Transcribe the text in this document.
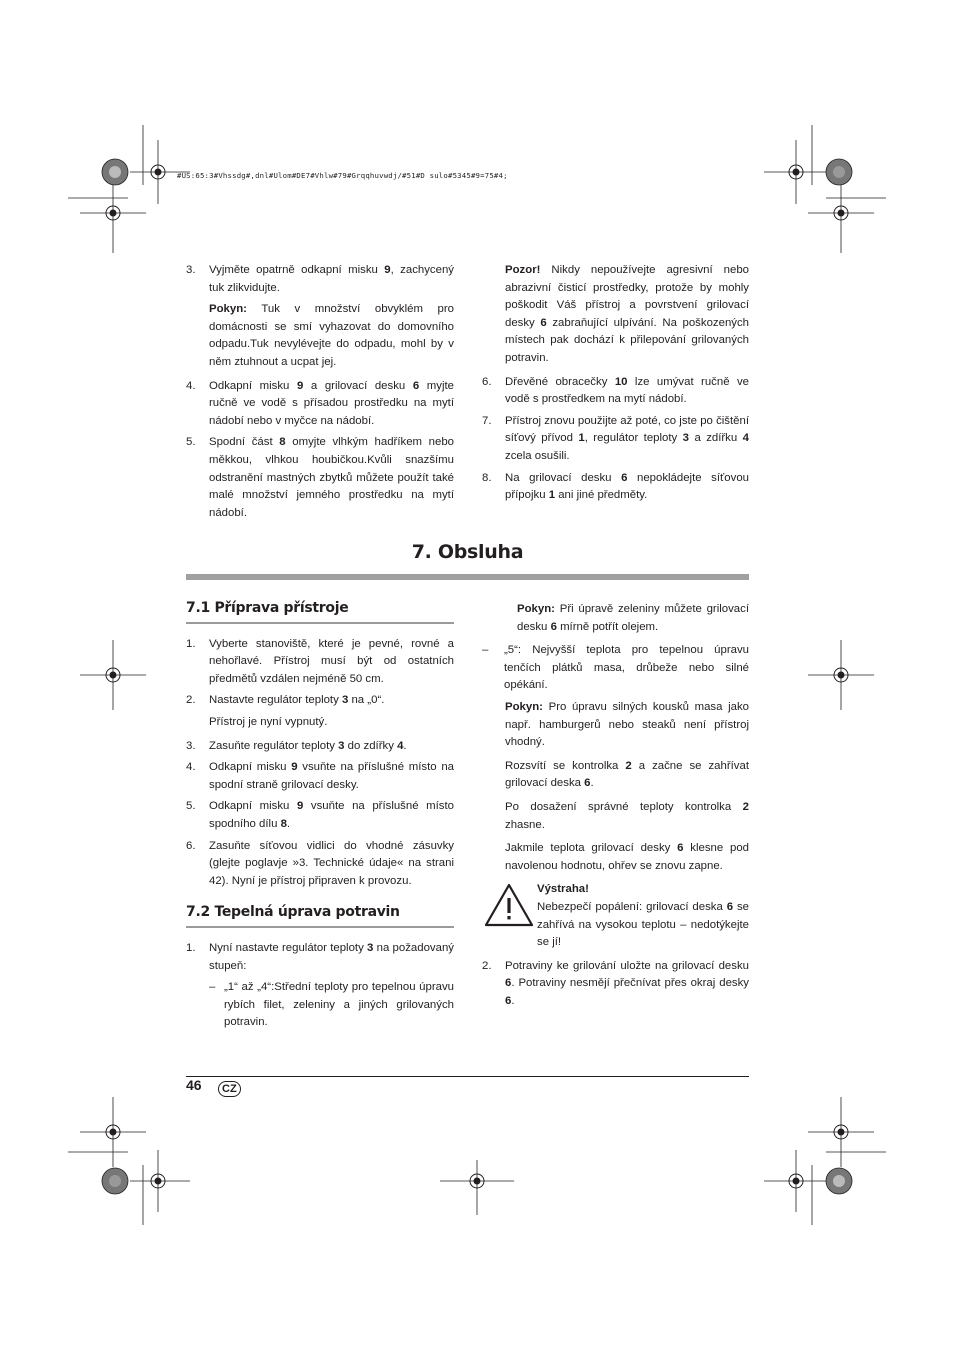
#US:65:3#Vhssdg#,dnl#Ulom#DE7#Vhlw#79#Grqqhuvwdj/#51#D sulo#5345#9=75#4;
3. Vyjměte opatrně odkapní misku 9, zachycený tuk zlikvidujte.
Pokyn: Tuk v množství obvyklém pro domácnosti se smí vyhazovat do domovního odpadu.Tuk nevylévejte do odpadu, mohl by v něm ztuhnout a ucpat jej.
4. Odkapní misku 9 a grilovací desku 6 myjte ručně ve vodě s přísadou prostředku na mytí nádobí nebo v myčce na nádobí.
5. Spodní část 8 omyjte vlhkým hadříkem nebo měkkou, vlhkou houbičkou.Kvůli snazšímu odstranění mastných zbytků můžete použít také malé množství jemného prostředku na mytí nádobí.
Pozor! Nikdy nepoužívejte agresivní nebo abrazivní čisticí prostředky, protože by mohly poškodit Váš přístroj a povrstvení grilovací desky 6 zabraňující ulpívání. Na poškozených místech pak dochází k přilepování grilovaných potravin.
6. Dřevěné obracečky 10 lze umývat ručně ve vodě s prostředkem na mytí nádobí.
7. Přístroj znovu použijte až poté, co jste po čištění síťový přívod 1, regulátor teploty 3 a zdířku 4 zcela osušili.
8. Na grilovací desku 6 nepokládejte síťovou přípojku 1 ani jiné předměty.
7. Obsluha
7.1 Příprava přístroje
1. Vyberte stanoviště, které je pevné, rovné a nehořlavé. Přístroj musí být od ostatních předmětů vzdálen nejméně 50 cm.
2. Nastavte regulátor teploty 3 na „0“.
Přístroj je nyní vypnutý.
3. Zasuňte regulátor teploty 3 do zdířky 4.
4. Odkapní misku 9 vsuňte na příslušné místo na spodní straně grilovací desky.
5. Odkapní misku 9 vsuňte na příslušné místo spodního dílu 8.
6. Zasuňte síťovou vidlici do vhodné zásuvky (glejte poglavje »3. Technické údaje« na strani 42). Nyní je přístroj připraven k provozu.
7.2 Tepelná úprava potravin
1. Nyní nastavte regulátor teploty 3 na požadovaný stupeň:
– „1“ až „4“:Střední teploty pro tepelnou úpravu rybích filet, zeleniny a jiných grilovaných potravin.
Pokyn: Při úpravě zeleniny můžete grilovací desku 6 mírně potřít olejem.
– „5“: Nejvyšší teplota pro tepelnou úpravu tenčích plátků masa, drůbeže nebo silné opékání.
Pokyn: Pro úpravu silných kousků masa jako např. hamburgerů nebo steaků není přístroj vhodný.
Rozsvítí se kontrolka 2 a začne se zahřívat grilovací deska 6.
Po dosažení správné teploty kontrolka 2 zhasne.
Jakmile teplota grilovací desky 6 klesne pod navolenou hodnotu, ohřev se znovu zapne.
Výstraha!
Nebezpečí popálení: grilovací deska 6 se zahřívá na vysokou teplotu – nedotýkejte se jí!
2. Potraviny ke grilování uložte na grilovací desku 6. Potraviny nesmějí přečnívat přes okraj desky 6.
46	CZ
